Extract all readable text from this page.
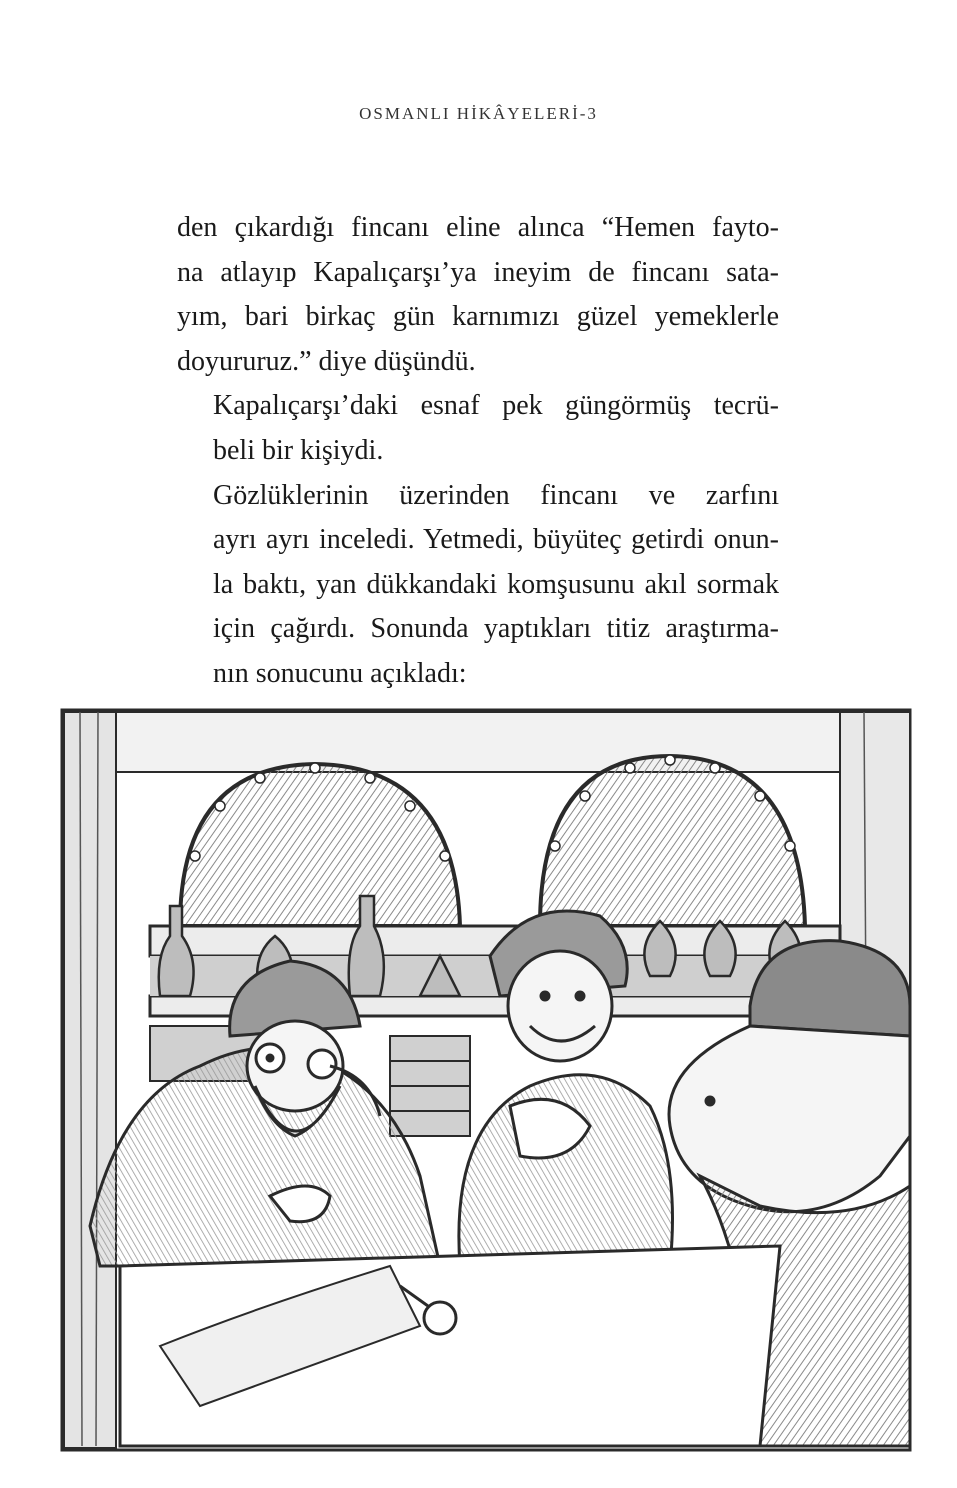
OSMANLI HİKÂYELERİ-3

den çıkardığı fincanı eline alınca “Hemen fayto-
na atlayıp Kapalıçarşı’ya ineyim de fincanı sata-
yım, bari birkaç gün karnımızı güzel yemeklerle
doyururuz.” diye düşündü.

Kapalıçarşı’daki esnaf pek güngörmüş tecrü-
beli bir kişiydi.

Gözlüklerinin üzerinden fincanı ve zarfını
ayrı ayrı inceledi. Yetmedi, büyüteç getirdi onun-
la baktı, yan dükkandaki komşusunu akıl sormak
için çağırdı. Sonunda yaptıkları titiz araştırma-
nın sonucunu açıkladı:
